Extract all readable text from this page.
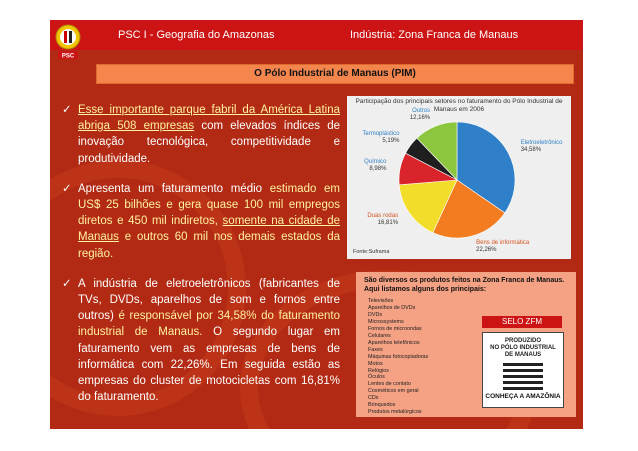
PSC
PSC I - Geografia do Amazonas	Indústria: Zona Franca de Manaus
O Pólo Industrial de Manaus (PIM)
✓ Esse importante parque fabril da América Latina abriga 508 empresas com elevados índices de inovação tecnológica, competitividade e produtividade.
✓ Apresenta um faturamento médio estimado em US$ 25 bilhões e gera quase 100 mil empregos diretos e 450 mil indiretos, somente na cidade de Manaus e outros 60 mil nos demais estados da região.
✓ A indústria de eletroeletrônicos (fabricantes de TVs, DVDs, aparelhos de som e fornos entre outros) é responsável por 34,58% do faturamento industrial de Manaus. O segundo lugar em faturamento vem as empresas de bens de informática com 22,26%. Em seguida estão as empresas do cluster de motocicletas com 16,81% do faturamento.
Participação dos principais setores no faturamento do Pólo Industrial de Manaus em 2006
Eletroeletrônico
34,58%
Bens de informática
22,26%
Duas rodas
16,81%
Químico
8,98%
Termoplástico
5,19%
Outros
12,16%
Fonte:Suframa
São diversos os produtos feitos na Zona Franca de Manaus. Aqui listamos alguns dos principais:
Televisões
Aparelhos de DVDs
DVDs
Microssystems
Fornos de microondas
Celulares
Aparelhos telefônicos
Faxes
Máquinas fotocopiadoras
Motos
Relógios
Óculos
Lentes de contato
Cosméticos em geral
CDs
Brinquedos
Produtos metalúrgicos
SELO ZFM
PRODUZIDO
NO PÓLO INDUSTRIAL
DE MANAUS
CONHEÇA A AMAZÔNIA
